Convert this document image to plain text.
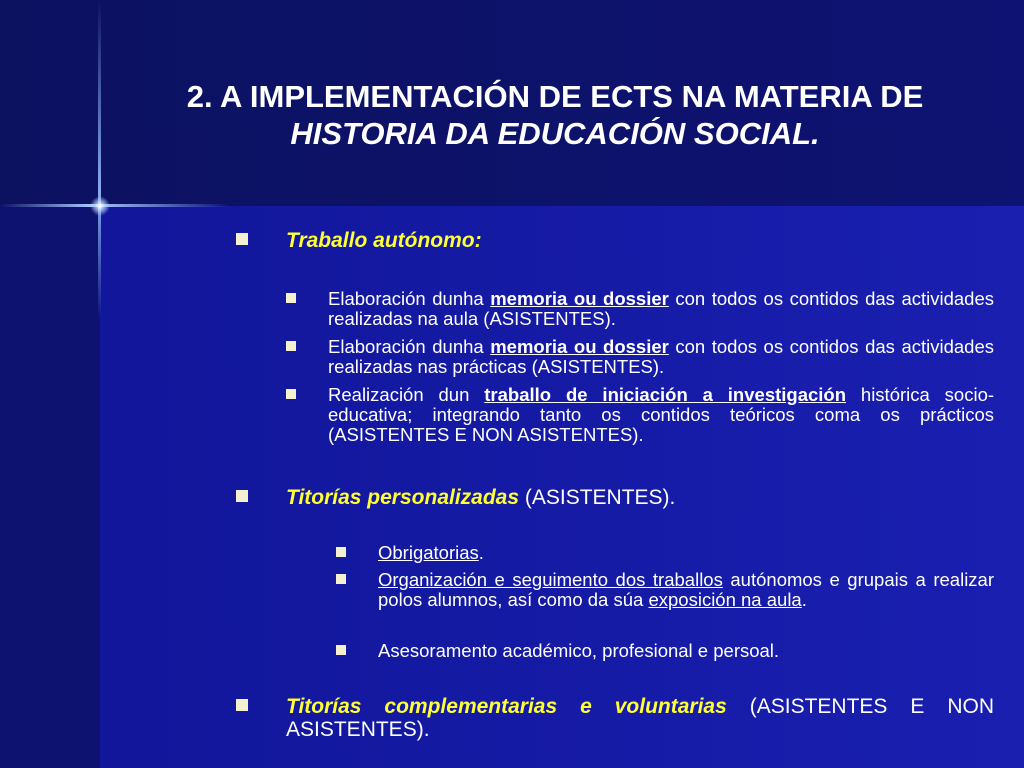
2. A IMPLEMENTACIÓN DE ECTS NA MATERIA DE
HISTORIA DA EDUCACIÓN SOCIAL.
Traballo autónomo:
Elaboración dunha memoria ou dossier con todos os contidos das actividades realizadas na aula (ASISTENTES).
Elaboración dunha memoria ou dossier con todos os contidos das actividades realizadas nas prácticas (ASISTENTES).
Realización dun traballo de iniciación a investigación histórica socio-educativa; integrando tanto os contidos teóricos coma os prácticos (ASISTENTES E NON ASISTENTES).
Titorías personalizadas (ASISTENTES).
Obrigatorias.
Organización e seguimento dos traballos autónomos e grupais a realizar polos alumnos, así como da súa exposición na aula.
Asesoramento académico, profesional e persoal.
Titorías complementarias e voluntarias (ASISTENTES E NON ASISTENTES).
